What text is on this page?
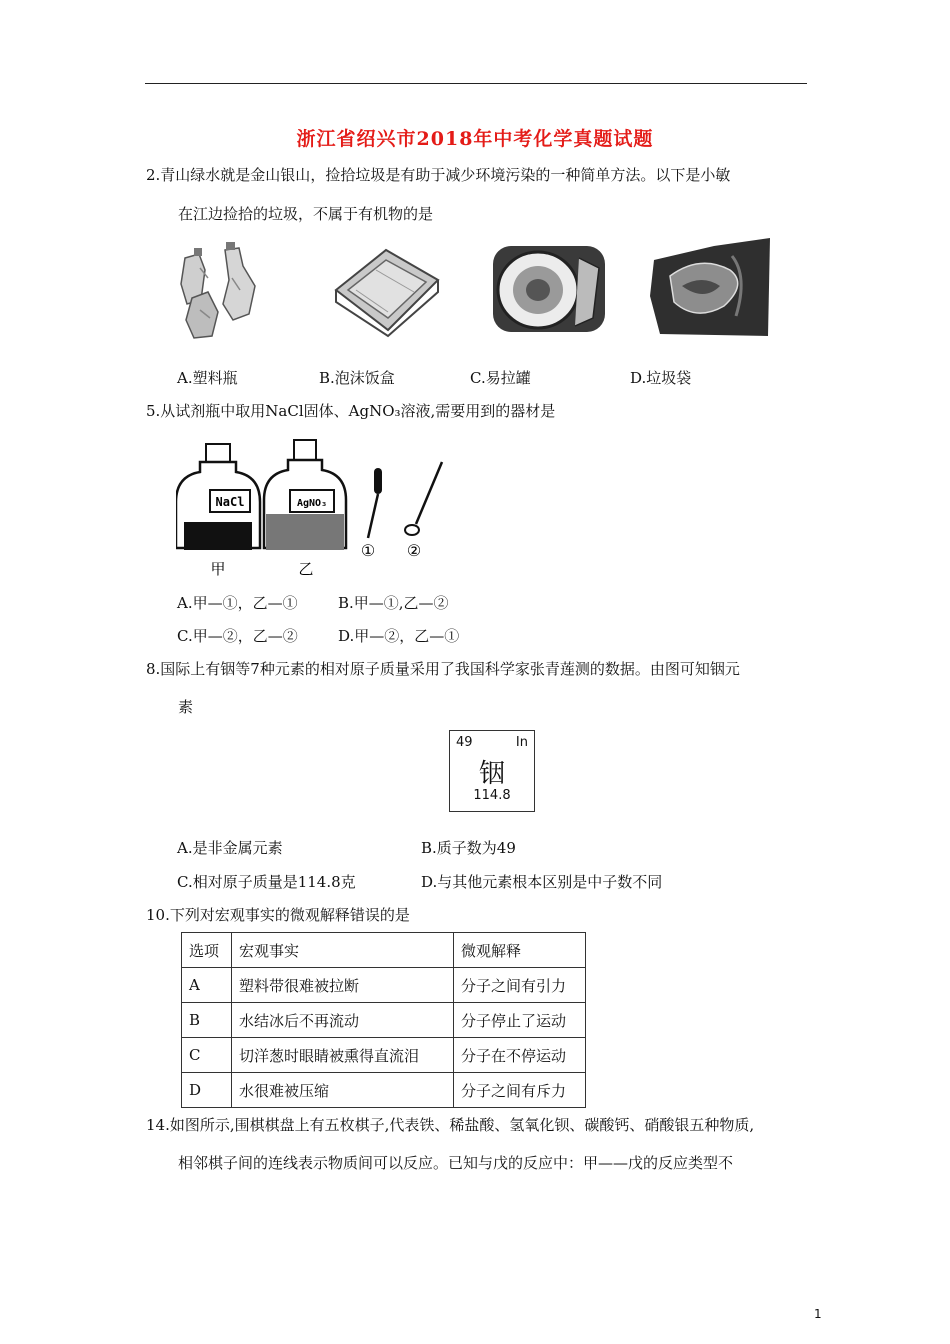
浙江省绍兴市2018年中考化学真题试题
2.青山绿水就是金山银山，捡拾垃圾是有助于减少环境污染的一种简单方法。以下是小敏
在江边捡拾的垃圾，不属于有机物的是
A.塑料瓶	B.泡沫饭盒	C.易拉罐	D.垃圾袋
5.从试剂瓶中取用NaCl固体、AgNO₃溶液,需要用到的器材是
NaCl
甲
AgNO₃
乙
① ②
A.甲—①，乙—①	B.甲—①,乙—②
C.甲—②，乙—②	D.甲—②，乙—①
8.国际上有铟等7种元素的相对原子质量采用了我国科学家张青莲测的数据。由图可知铟元
素
49	In
铟
114.8
A.是非金属元素	B.质子数为49
C.相对原子质量是114.8克	D.与其他元素根本区别是中子数不同
10.下列对宏观事实的微观解释错误的是
选项	宏观事实	微观解释
A	塑料带很难被拉断	分子之间有引力
B	水结冰后不再流动	分子停止了运动
C	切洋葱时眼睛被熏得直流泪	分子在不停运动
D	水很难被压缩	分子之间有斥力
14.如图所示,围棋棋盘上有五枚棋子,代表铁、稀盐酸、氢氧化钡、碳酸钙、硝酸银五种物质,
相邻棋子间的连线表示物质间可以反应。已知与戊的反应中：甲——戊的反应类型不
1
